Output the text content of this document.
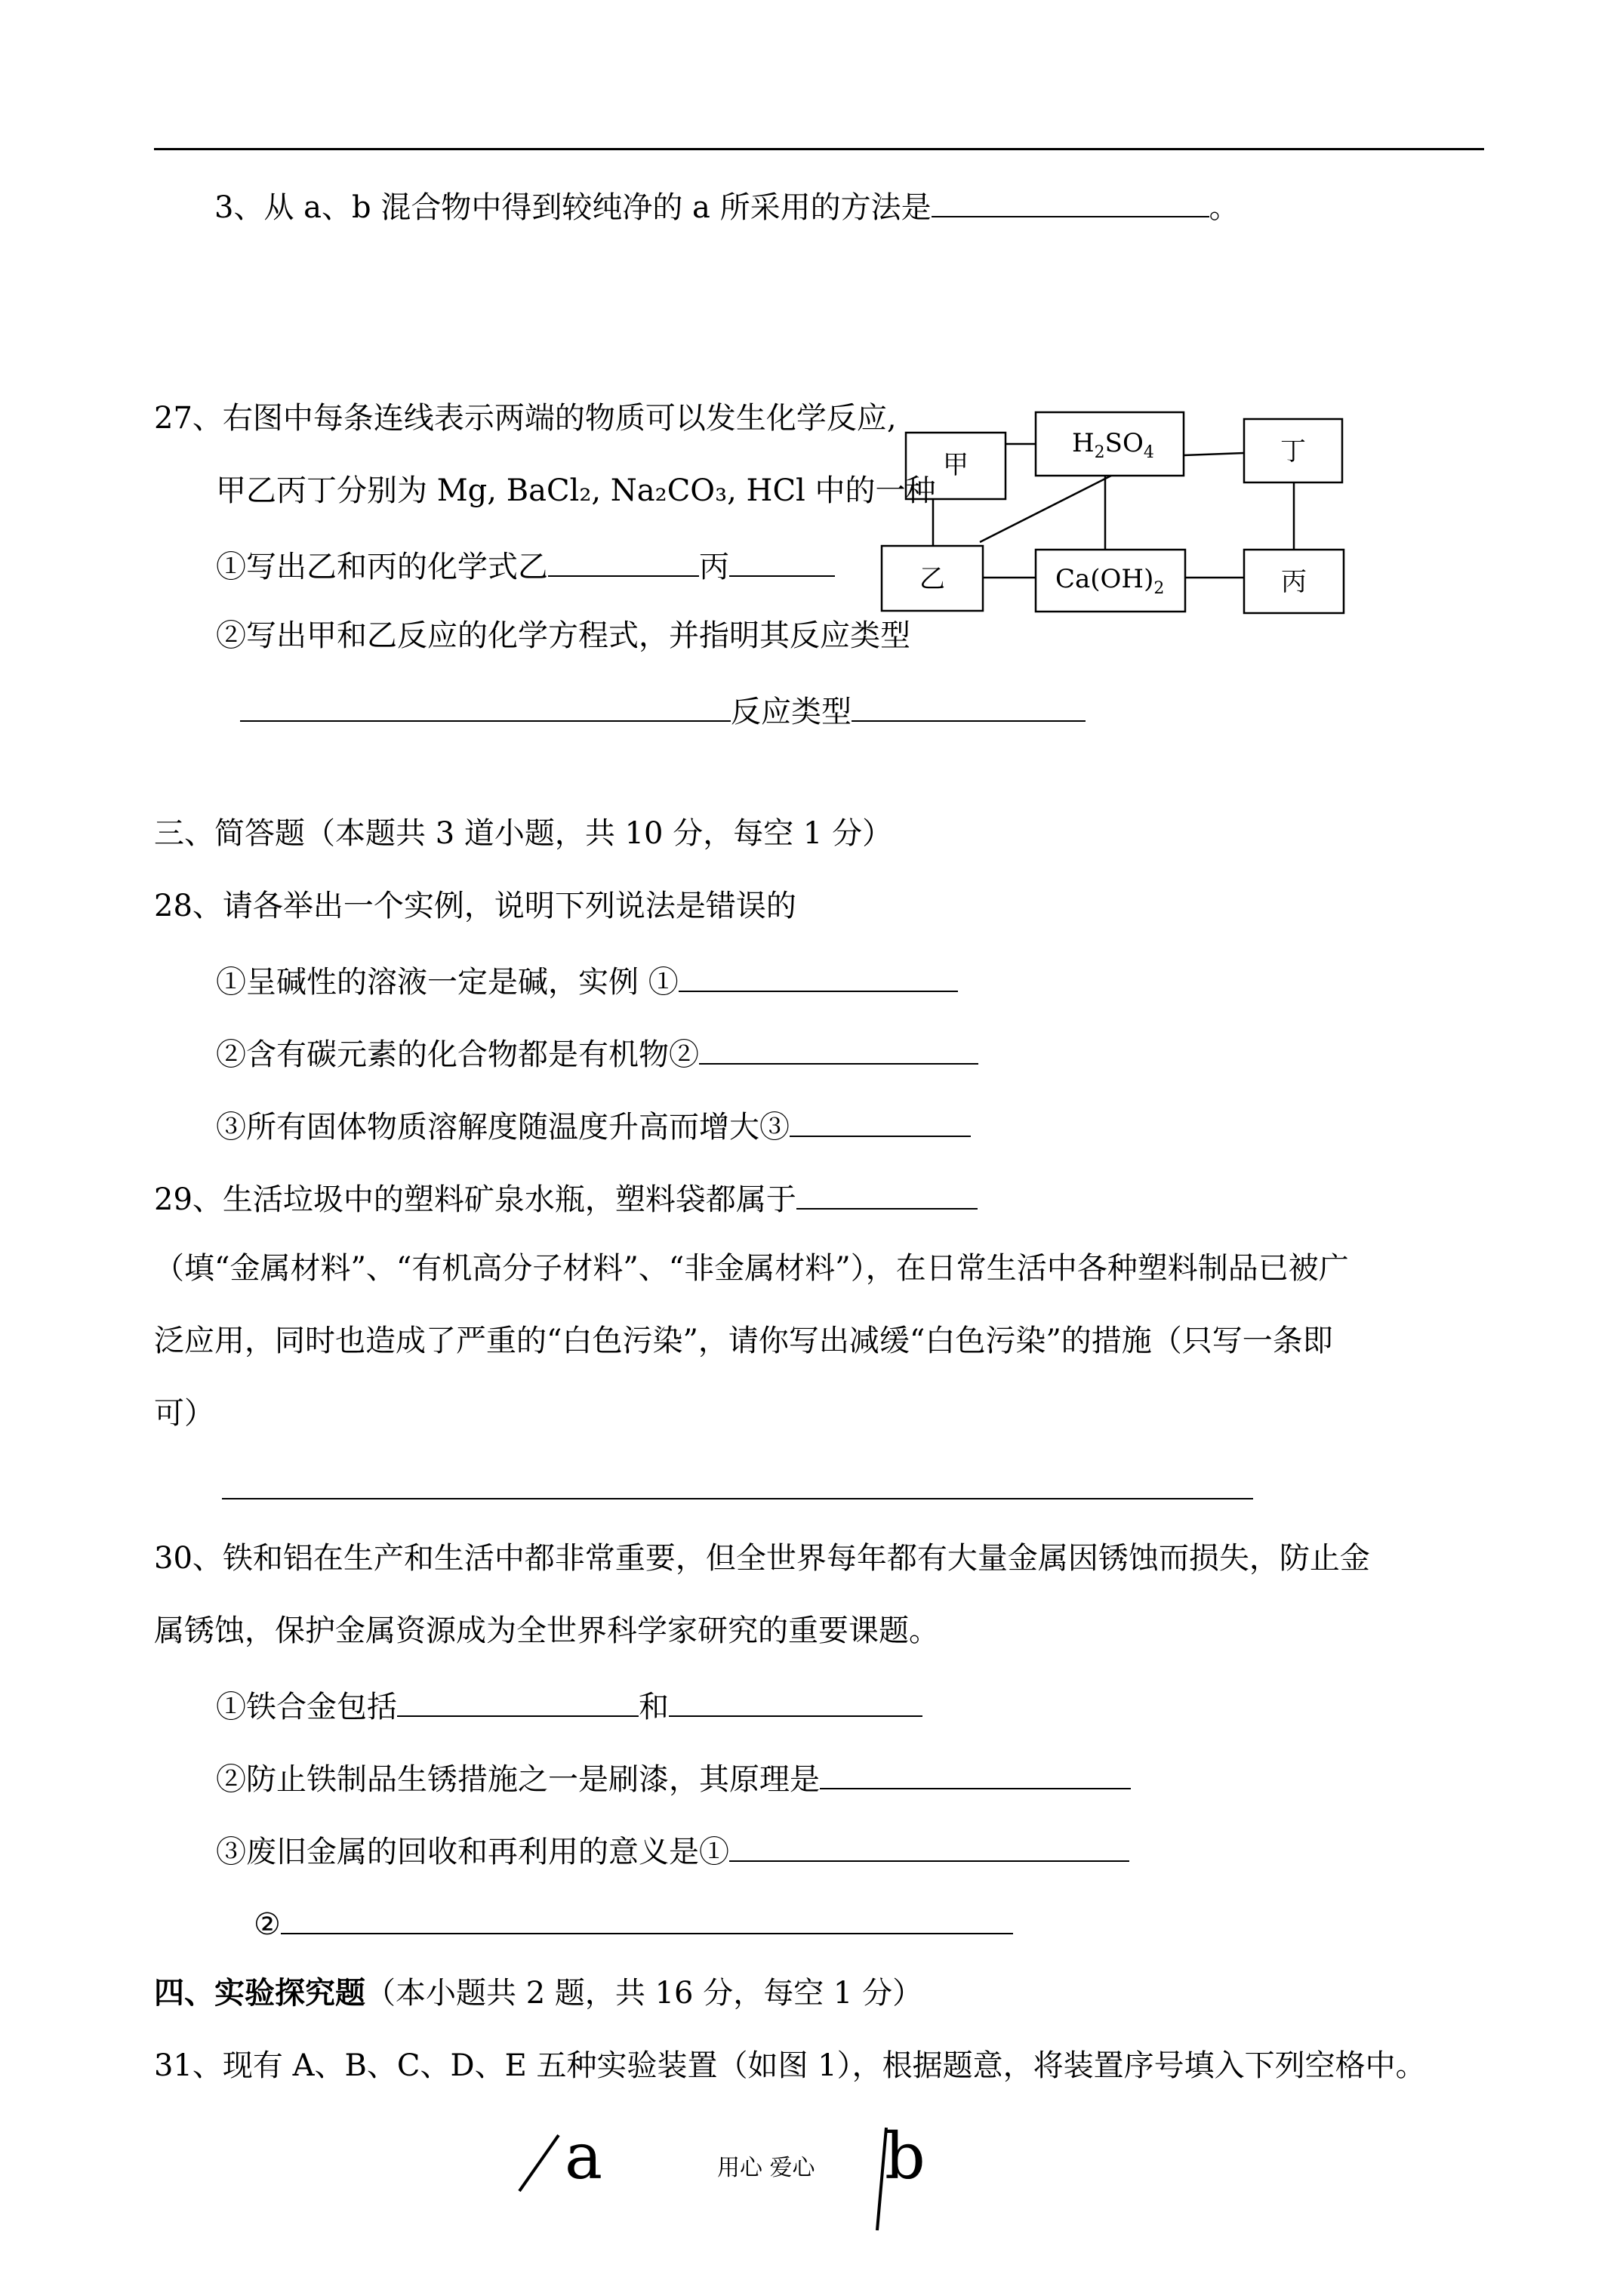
3、从 a、b 混合物中得到较纯净的 a 所采用的方法是	。
27、右图中每条连线表示两端的物质可以发生化学反应,
甲乙丙丁分别为 Mg, BaCl₂, Na₂CO₃, HCl 中的一种
①写出乙和丙的化学式乙	丙
②写出甲和乙反应的化学方程式，并指明其反应类型
反应类型
甲
$H_2SO_4$	丁
乙	$Ca(OH)_2$	丙
三、简答题（本题共 3 道小题，共 10 分，每空 1 分）
28、请各举出一个实例，说明下列说法是错误的
①呈碱性的溶液一定是碱，实例 ①
②含有碳元素的化合物都是有机物②
③所有固体物质溶解度随温度升高而增大③
29、生活垃圾中的塑料矿泉水瓶，塑料袋都属于
（填“金属材料”、“有机高分子材料”、“非金属材料”），在日常生活中各种塑料制品已被广
泛应用，同时也造成了严重的“白色污染”，请你写出减缓“白色污染”的措施（只写一条即
可）
30、铁和铝在生产和生活中都非常重要，但全世界每年都有大量金属因锈蚀而损失，防止金
属锈蚀，保护金属资源成为全世界科学家研究的重要课题。
①铁合金包括	和
②防止铁制品生锈措施之一是刷漆，其原理是
③废旧金属的回收和再利用的意义是①
②
四、实验探究题（本小题共 2 题，共 16 分，每空 1 分）
31、现有 A、B、C、D、E 五种实验装置（如图 1），根据题意，将装置序号填入下列空格中。
a	用心 爱心 b
